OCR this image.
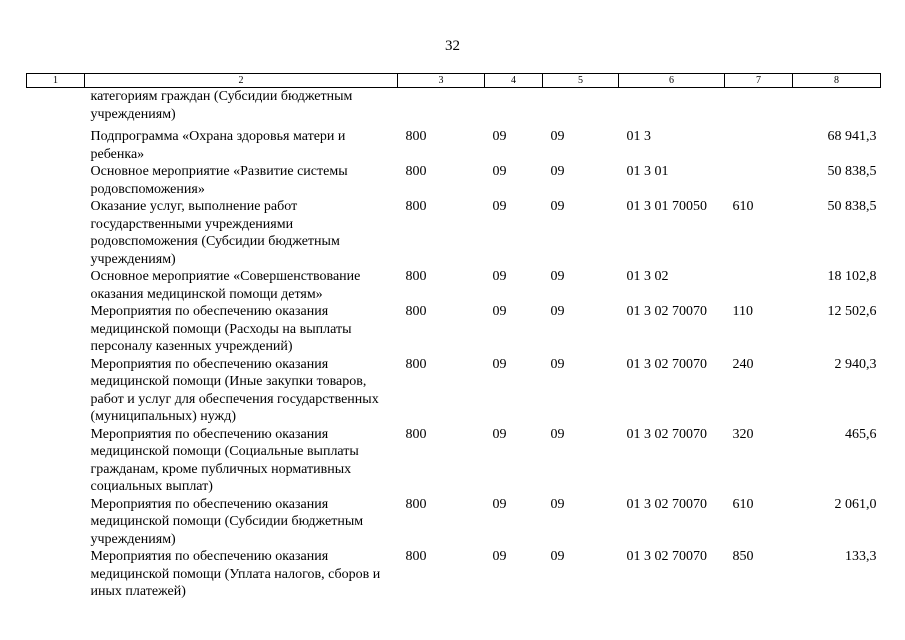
32
1	2	3	4	5	6	7	8
	категориям граждан (Субсидии бюджетным учреждениям)						
	Подпрограмма «Охрана здоровья матери и ребенка»	800	09	09	01 3		68 941,3
	Основное мероприятие «Развитие системы родовспоможения»	800	09	09	01 3 01		50 838,5
	Оказание услуг, выполнение работ государственными учреждениями родовспоможения (Субсидии бюджетным учреждениям)	800	09	09	01 3 01 70050	610	50 838,5
	Основное мероприятие «Совершенствование оказания медицинской помощи детям»	800	09	09	01 3 02		18 102,8
	Мероприятия по обеспечению оказания медицинской помощи (Расходы на выплаты персоналу казенных учреждений)	800	09	09	01 3 02 70070	110	12 502,6
	Мероприятия по обеспечению оказания медицинской помощи (Иные закупки товаров, работ и услуг для обеспечения государственных (муниципальных) нужд)	800	09	09	01 3 02 70070	240	2 940,3
	Мероприятия по обеспечению оказания медицинской помощи (Социальные выплаты гражданам, кроме публичных нормативных социальных выплат)	800	09	09	01 3 02 70070	320	465,6
	Мероприятия по обеспечению оказания медицинской помощи (Субсидии бюджетным учреждениям)	800	09	09	01 3 02 70070	610	2 061,0
	Мероприятия по обеспечению оказания медицинской помощи (Уплата налогов, сборов и иных платежей)	800	09	09	01 3 02 70070	850	133,3
